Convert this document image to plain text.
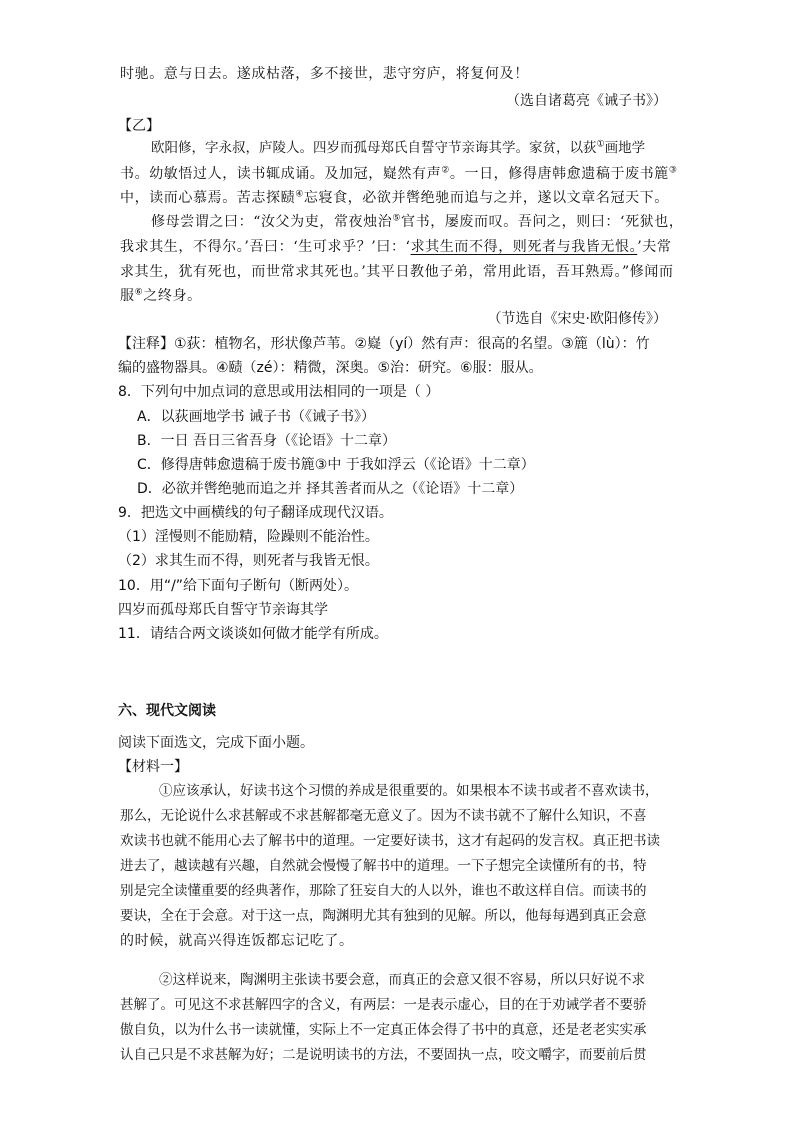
时驰。意与日去。遂成枯落，多不接世，悲守穷庐，将复何及！
（选自诸葛亮《诫子书》）
【乙】
欧阳修，字永叔，庐陵人。四岁而孤母郑氏自誓守节亲诲其学。家贫，以荻①画地学
书。幼敏悟过人，读书辄成诵。及加冠，嶷然有声②。一日，修得唐韩愈遗稿于废书簏③
中，读而心慕焉。苦志探赜④忘寝食，必欲并辔绝驰而追与之并，遂以文章名冠天下。
修母尝谓之曰：“汝父为吏，常夜烛治⑤官书，屡废而叹。吾问之，则曰：‘死狱也，
我求其生，不得尔。’吾曰：‘生可求乎？’曰：‘求其生而不得，则死者与我皆无恨。’夫常
求其生，犹有死也，而世常求其死也。’其平日教他子弟，常用此语，吾耳熟焉。”修闻而
服⑥之终身。
（节选自《宋史·欧阳修传》）
【注释】①荻：植物名，形状像芦苇。②嶷（yí）然有声：很高的名望。③簏（lù）：竹
编的盛物器具。④赜（zé）：精微，深奥。⑤治：研究。⑥服：服从。
8．下列句中加点词的意思或用法相同的一项是（ ）
A．以荻画地学书 诫子书（《诫子书》）
B．一日 吾日三省吾身（《论语》十二章）
C．修得唐韩愈遗稿于废书簏③中 于我如浮云（《论语》十二章）
D．必欲并辔绝驰而追之并 择其善者而从之（《论语》十二章）
9．把选文中画横线的句子翻译成现代汉语。
（1）淫慢则不能励精，险躁则不能治性。
（2）求其生而不得，则死者与我皆无恨。
10．用“/”给下面句子断句（断两处）。
四岁而孤母郑氏自誓守节亲诲其学
11．请结合两文谈谈如何做才能学有所成。
六、现代文阅读
阅读下面选文，完成下面小题。
【材料一】
①应该承认，好读书这个习惯的养成是很重要的。如果根本不读书或者不喜欢读书，
那么，无论说什么求甚解或不求甚解都毫无意义了。因为不读书就不了解什么知识，不喜
欢读书也就不能用心去了解书中的道理。一定要好读书，这才有起码的发言权。真正把书读
进去了，越读越有兴趣，自然就会慢慢了解书中的道理。一下子想完全读懂所有的书，特
别是完全读懂重要的经典著作，那除了狂妄自大的人以外，谁也不敢这样自信。而读书的
要诀，全在于会意。对于这一点，陶渊明尤其有独到的见解。所以，他每每遇到真正会意
的时候，就高兴得连饭都忘记吃了。
②这样说来，陶渊明主张读书要会意，而真正的会意又很不容易，所以只好说不求
甚解了。可见这不求甚解四字的含义，有两层：一是表示虚心，目的在于劝诫学者不要骄
傲自负，以为什么书一读就懂，实际上不一定真正体会得了书中的真意，还是老老实实承
认自己只是不求甚解为好；二是说明读书的方法，不要固执一点，咬文嚼字，而要前后贯
